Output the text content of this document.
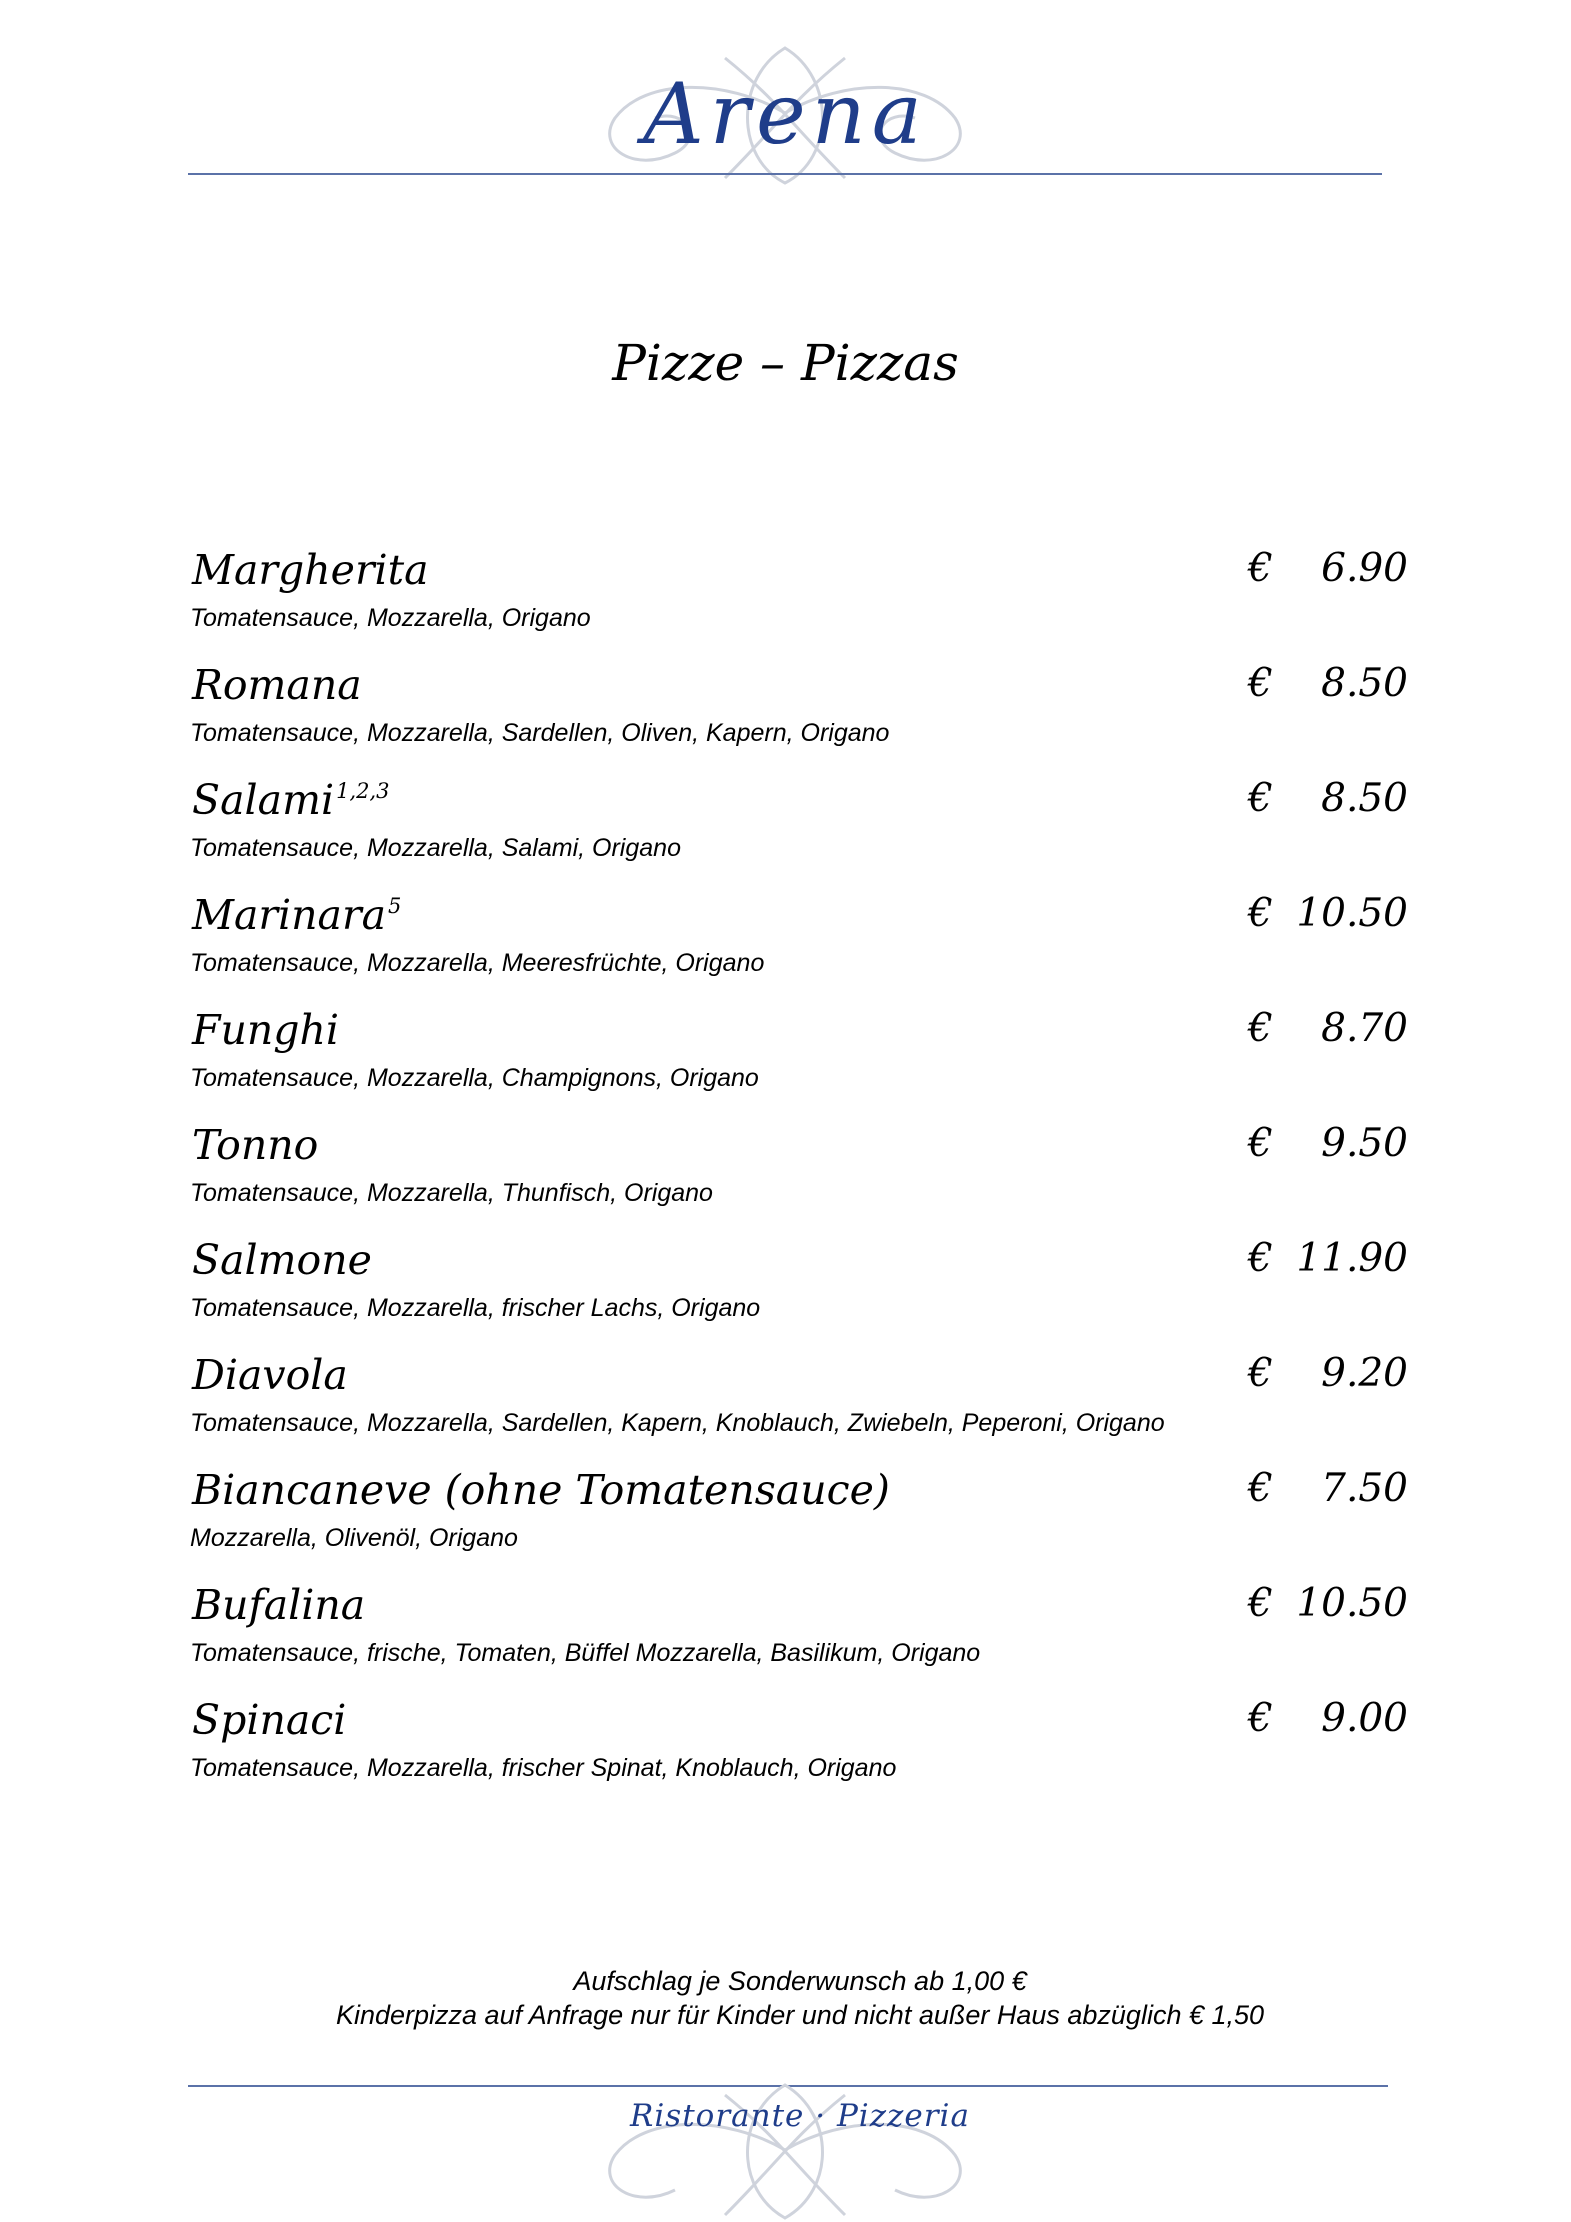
Arena
Pizze – Pizzas
Margherita
Tomatensauce, Mozzarella, Origano
€ 6.90
Romana
Tomatensauce, Mozzarella, Sardellen, Oliven, Kapern, Origano
€ 8.50
Salami$^{1,2,3}$
Tomatensauce, Mozzarella, Salami, Origano
€ 8.50
Marinara$^5$
Tomatensauce, Mozzarella, Meeresfrüchte, Origano
€ 10.50
Funghi
Tomatensauce, Mozzarella, Champignons, Origano
€ 8.70
Tonno
Tomatensauce, Mozzarella, Thunfisch, Origano
€ 9.50
Salmone
Tomatensauce, Mozzarella, frischer Lachs, Origano
€ 11.90
Diavola
Tomatensauce, Mozzarella, Sardellen, Kapern, Knoblauch, Zwiebeln, Peperoni, Origano
€ 9.20
Biancaneve (ohne Tomatensauce)
Mozzarella, Olivenöl, Origano
€ 7.50
Bufalina
Tomatensauce, frische, Tomaten, Büffel Mozzarella, Basilikum, Origano
€ 10.50
Spinaci
Tomatensauce, Mozzarella, frischer Spinat, Knoblauch, Origano
€ 9.00
Aufschlag je Sonderwunsch ab 1,00 €
Kinderpizza auf Anfrage nur für Kinder und nicht außer Haus abzüglich € 1,50
Ristorante · Pizzeria
